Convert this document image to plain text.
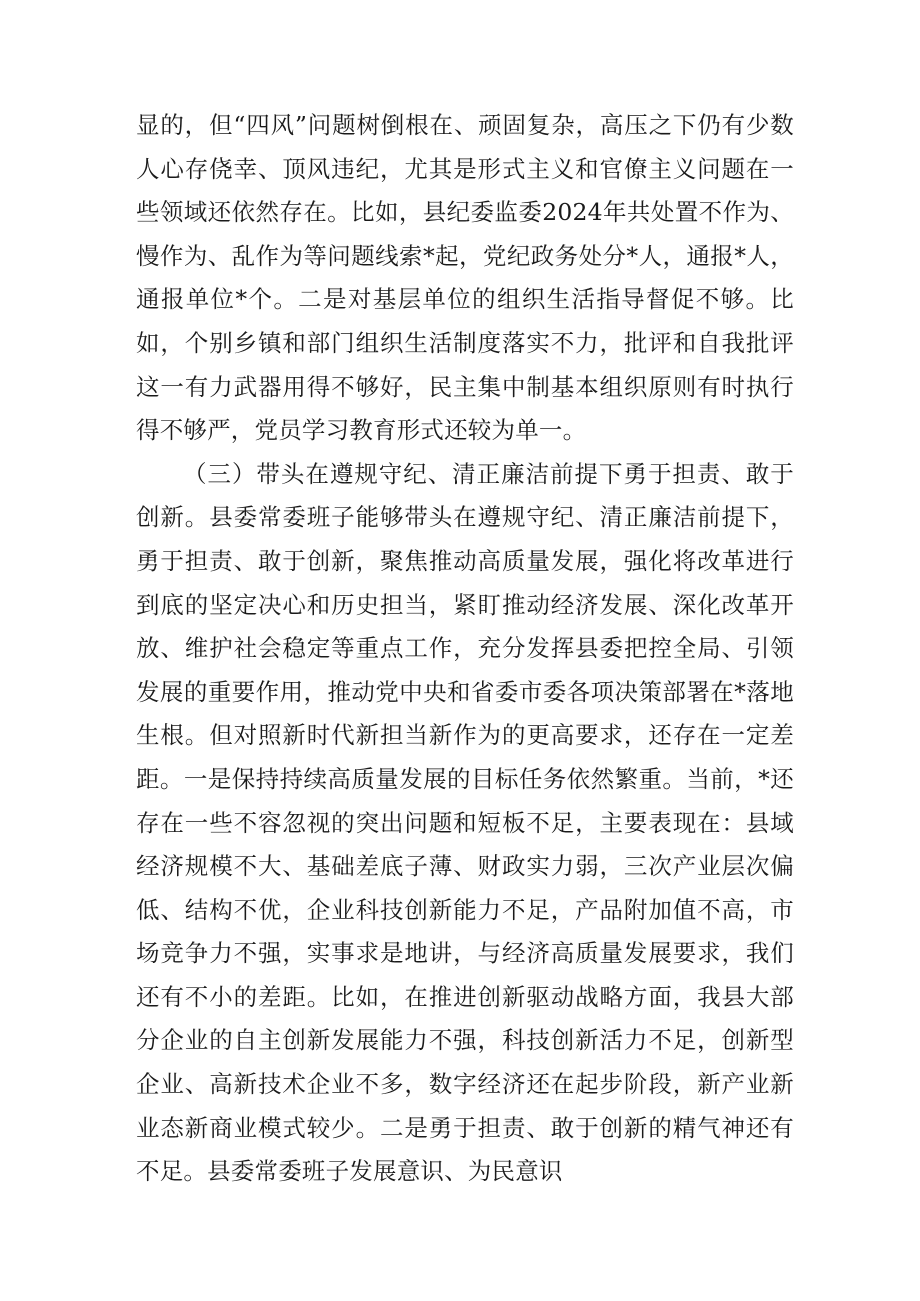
显的，但“四风”问题树倒根在、顽固复杂，高压之下仍有少数人心存侥幸、顶风违纪，尤其是形式主义和官僚主义问题在一些领域还依然存在。比如，县纪委监委2024年共处置不作为、慢作为、乱作为等问题线索*起，党纪政务处分*人，通报*人，通报单位*个。二是对基层单位的组织生活指导督促不够。比如，个别乡镇和部门组织生活制度落实不力，批评和自我批评这一有力武器用得不够好，民主集中制基本组织原则有时执行得不够严，党员学习教育形式还较为单一。

（三）带头在遵规守纪、清正廉洁前提下勇于担责、敢于创新。县委常委班子能够带头在遵规守纪、清正廉洁前提下，勇于担责、敢于创新，聚焦推动高质量发展，强化将改革进行到底的坚定决心和历史担当，紧盯推动经济发展、深化改革开放、维护社会稳定等重点工作，充分发挥县委把控全局、引领发展的重要作用，推动党中央和省委市委各项决策部署在*落地生根。但对照新时代新担当新作为的更高要求，还存在一定差距。一是保持持续高质量发展的目标任务依然繁重。当前，*还存在一些不容忽视的突出问题和短板不足，主要表现在：县域经济规模不大、基础差底子薄、财政实力弱，三次产业层次偏低、结构不优，企业科技创新能力不足，产品附加值不高，市场竞争力不强，实事求是地讲，与经济高质量发展要求，我们还有不小的差距。比如，在推进创新驱动战略方面，我县大部分企业的自主创新发展能力不强，科技创新活力不足，创新型企业、高新技术企业不多，数字经济还在起步阶段，新产业新业态新商业模式较少。二是勇于担责、敢于创新的精气神还有不足。县委常委班子发展意识、为民意识
